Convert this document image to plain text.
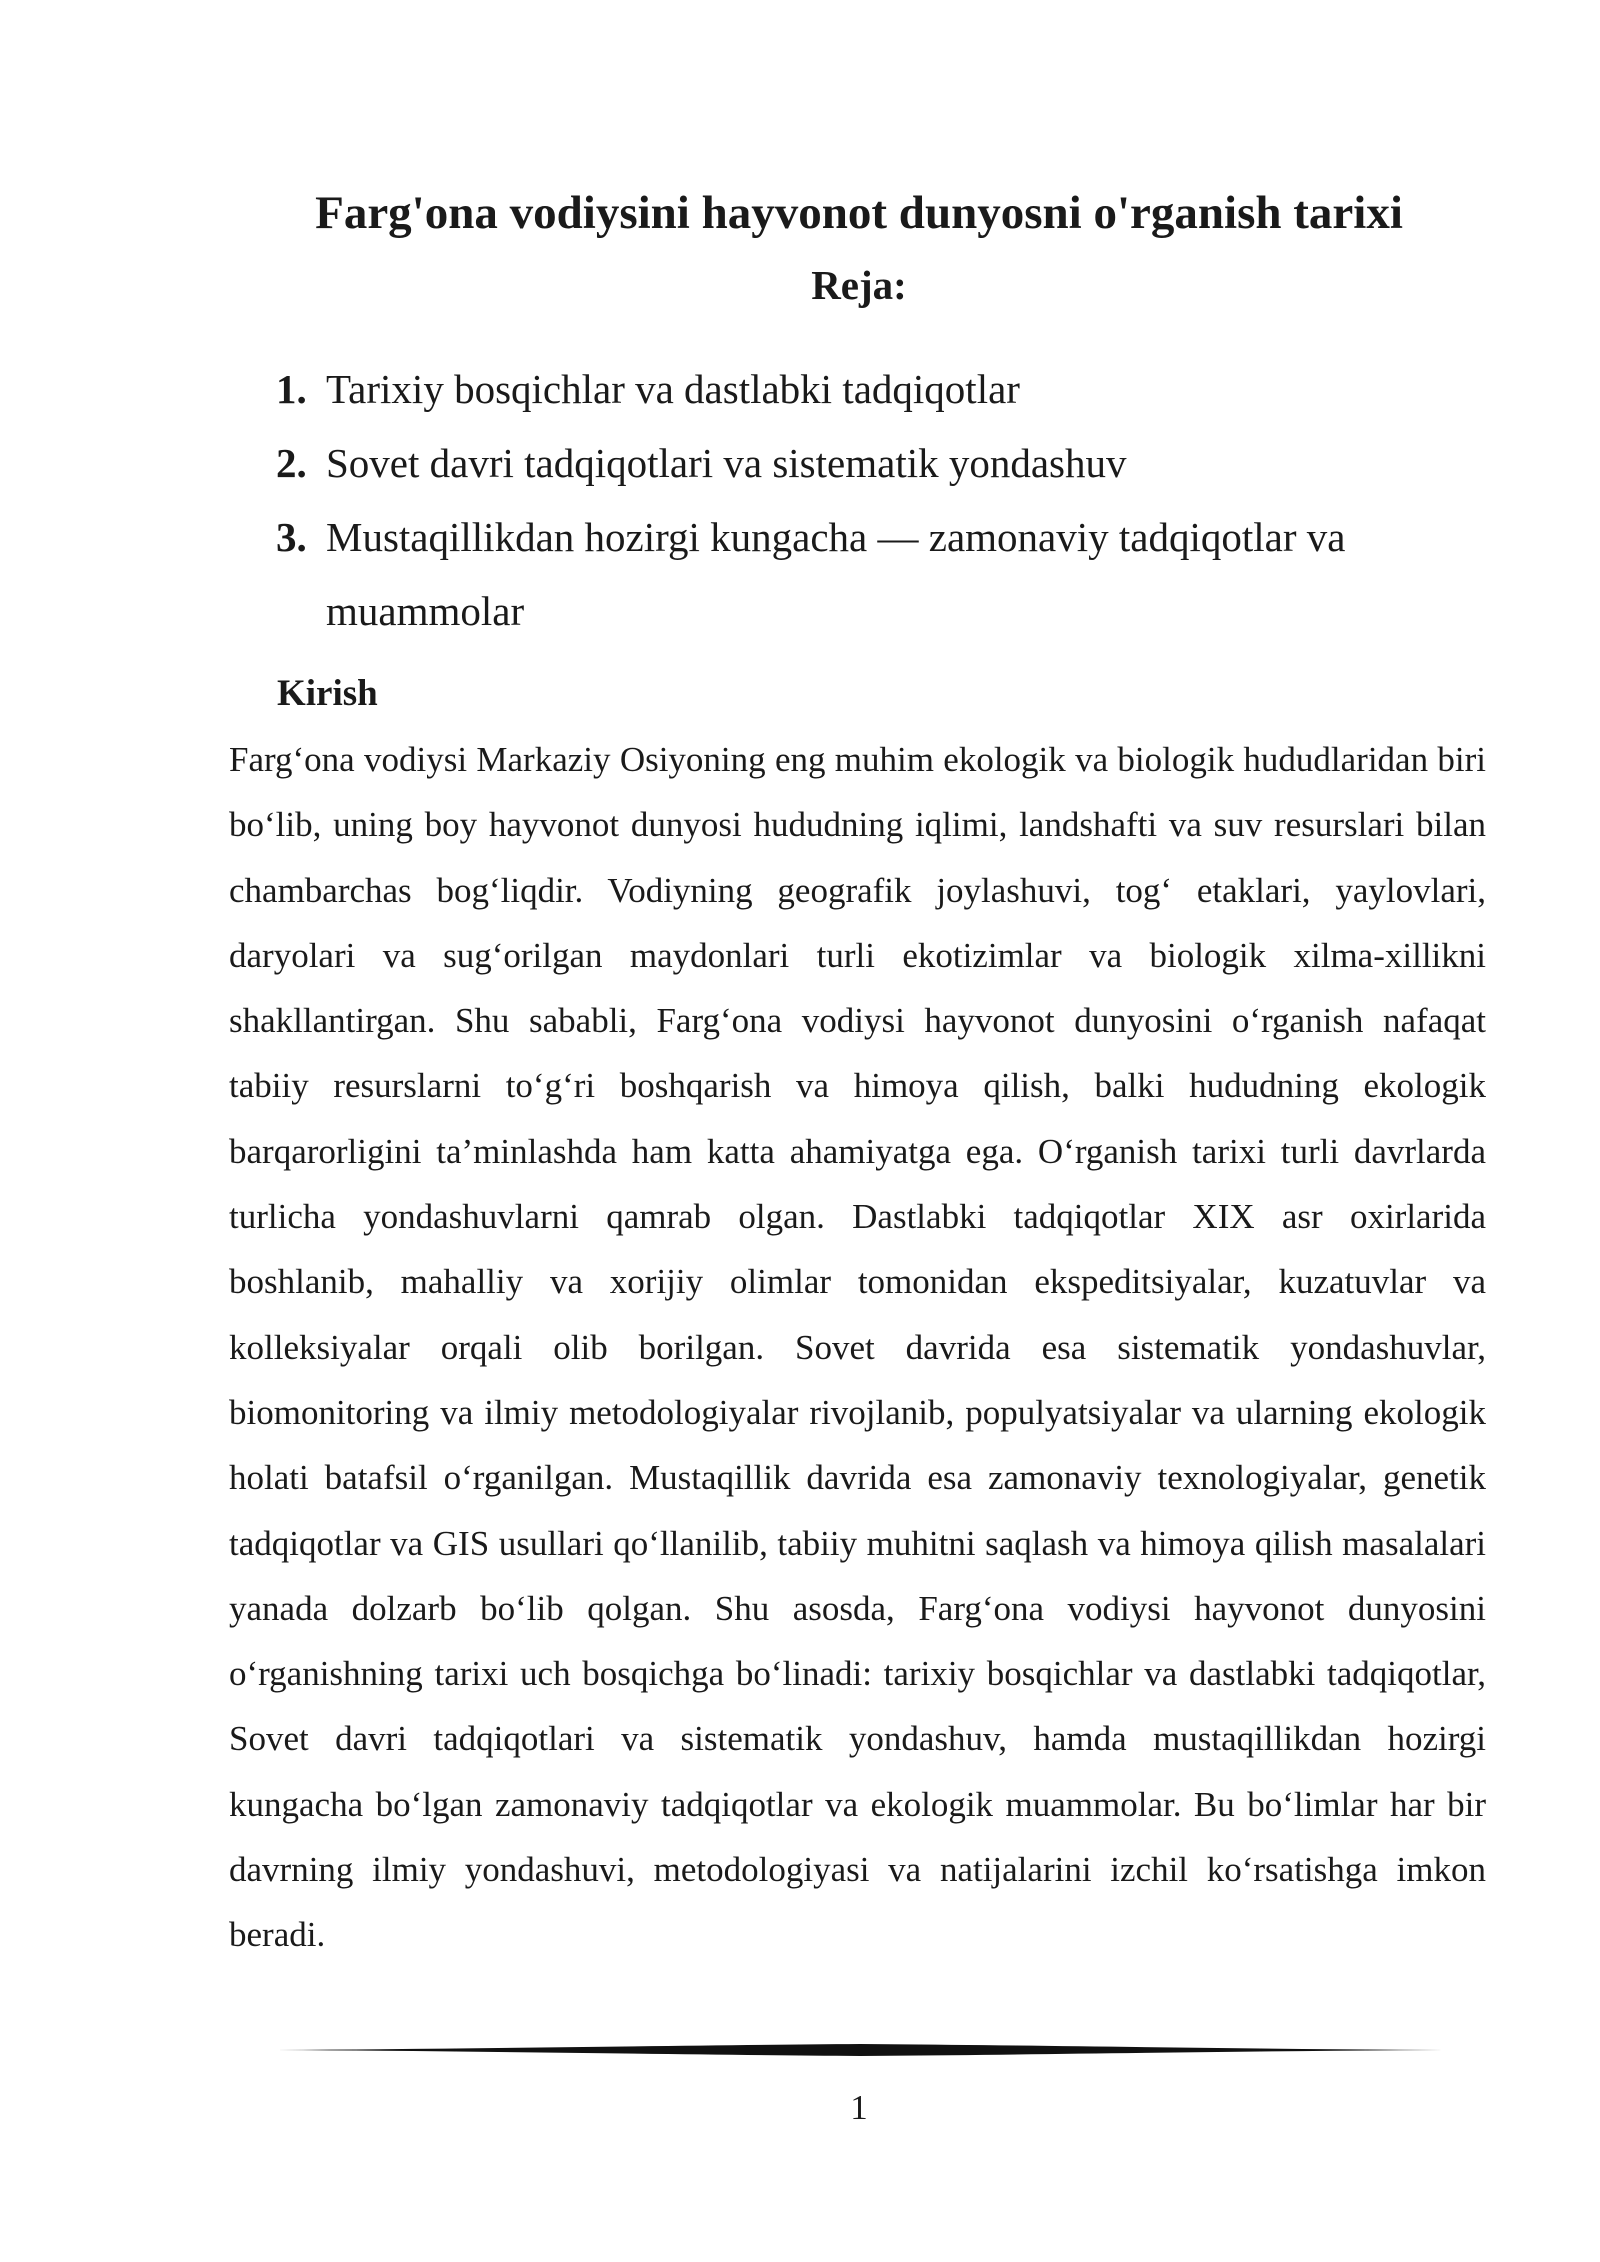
Farg'ona vodiysini hayvonot dunyosni o'rganish tarixi
Reja:
1. Tarixiy bosqichlar va dastlabki tadqiqotlar
2. Sovet davri tadqiqotlari va sistematik yondashuv
3. Mustaqillikdan hozirgi kungacha — zamonaviy tadqiqotlar va muammolar
Kirish

Farg‘ona vodiysi Markaziy Osiyoning eng muhim ekologik va biologik hududlaridan biri bo‘lib, uning boy hayvonot dunyosi hududning iqlimi, landshafti va suv resurslari bilan chambarchas bog‘liqdir. Vodiyning geografik joylashuvi, tog‘ etaklari, yaylovlari, daryolari va sug‘orilgan maydonlari turli ekotizimlar va biologik xilma-xillikni shakllantirgan. Shu sababli, Farg‘ona vodiysi hayvonot dunyosini o‘rganish nafaqat tabiiy resurslarni to‘g‘ri boshqarish va himoya qilish, balki hududning ekologik barqarorligini ta’minlashda ham katta ahamiyatga ega. O‘rganish tarixi turli davrlarda turlicha yondashuvlarni qamrab olgan. Dastlabki tadqiqotlar XIX asr oxirlarida boshlanib, mahalliy va xorijiy olimlar tomonidan ekspeditsiyalar, kuzatuvlar va kolleksiyalar orqali olib borilgan. Sovet davrida esa sistematik yondashuvlar, biomonitoring va ilmiy metodologiyalar rivojlanib, populyatsiyalar va ularning ekologik holati batafsil o‘rganilgan. Mustaqillik davrida esa zamonaviy texnologiyalar, genetik tadqiqotlar va GIS usullari qo‘llanilib, tabiiy muhitni saqlash va himoya qilish masalalari yanada dolzarb bo‘lib qolgan. Shu asosda, Farg‘ona vodiysi hayvonot dunyosini o‘rganishning tarixi uch bosqichga bo‘linadi: tarixiy bosqichlar va dastlabki tadqiqotlar, Sovet davri tadqiqotlari va sistematik yondashuv, hamda mustaqillikdan hozirgi kungacha bo‘lgan zamonaviy tadqiqotlar va ekologik muammolar. Bu bo‘limlar har bir davrning ilmiy yondashuvi, metodologiyasi va natijalarini izchil ko‘rsatishga imkon beradi.

1
